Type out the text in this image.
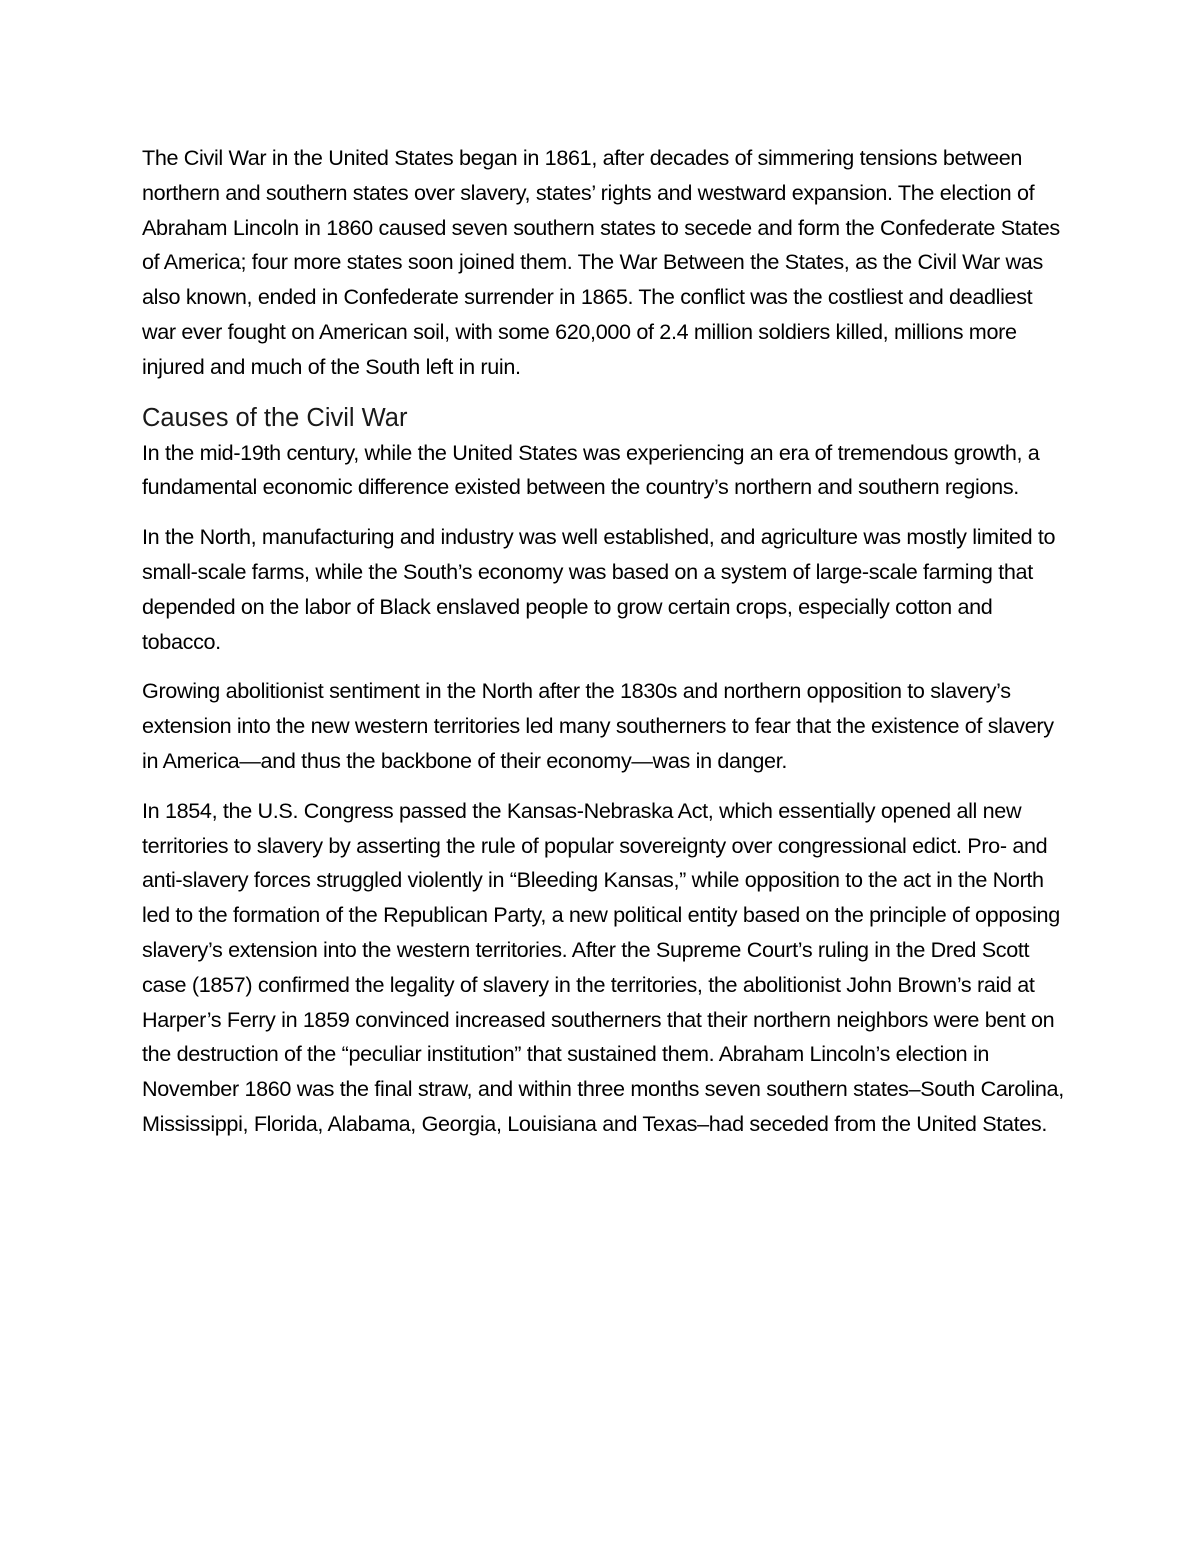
The Civil War in the United States began in 1861, after decades of simmering tensions between northern and southern states over slavery, states’ rights and westward expansion. The election of Abraham Lincoln in 1860 caused seven southern states to secede and form the Confederate States of America; four more states soon joined them. The War Between the States, as the Civil War was also known, ended in Confederate surrender in 1865. The conflict was the costliest and deadliest war ever fought on American soil, with some 620,000 of 2.4 million soldiers killed, millions more injured and much of the South left in ruin.

Causes of the Civil War

In the mid-19th century, while the United States was experiencing an era of tremendous growth, a fundamental economic difference existed between the country’s northern and southern regions.

In the North, manufacturing and industry was well established, and agriculture was mostly limited to small-scale farms, while the South’s economy was based on a system of large-scale farming that depended on the labor of Black enslaved people to grow certain crops, especially cotton and tobacco.

Growing abolitionist sentiment in the North after the 1830s and northern opposition to slavery’s extension into the new western territories led many southerners to fear that the existence of slavery in America—and thus the backbone of their economy—was in danger.

In 1854, the U.S. Congress passed the Kansas-Nebraska Act, which essentially opened all new territories to slavery by asserting the rule of popular sovereignty over congressional edict. Pro- and anti-slavery forces struggled violently in “Bleeding Kansas,” while opposition to the act in the North led to the formation of the Republican Party, a new political entity based on the principle of opposing slavery’s extension into the western territories. After the Supreme Court’s ruling in the Dred Scott case (1857) confirmed the legality of slavery in the territories, the abolitionist John Brown’s raid at Harper’s Ferry in 1859 convinced increased southerners that their northern neighbors were bent on the destruction of the “peculiar institution” that sustained them. Abraham Lincoln’s election in November 1860 was the final straw, and within three months seven southern states–South Carolina, Mississippi, Florida, Alabama, Georgia, Louisiana and Texas–had seceded from the United States.
